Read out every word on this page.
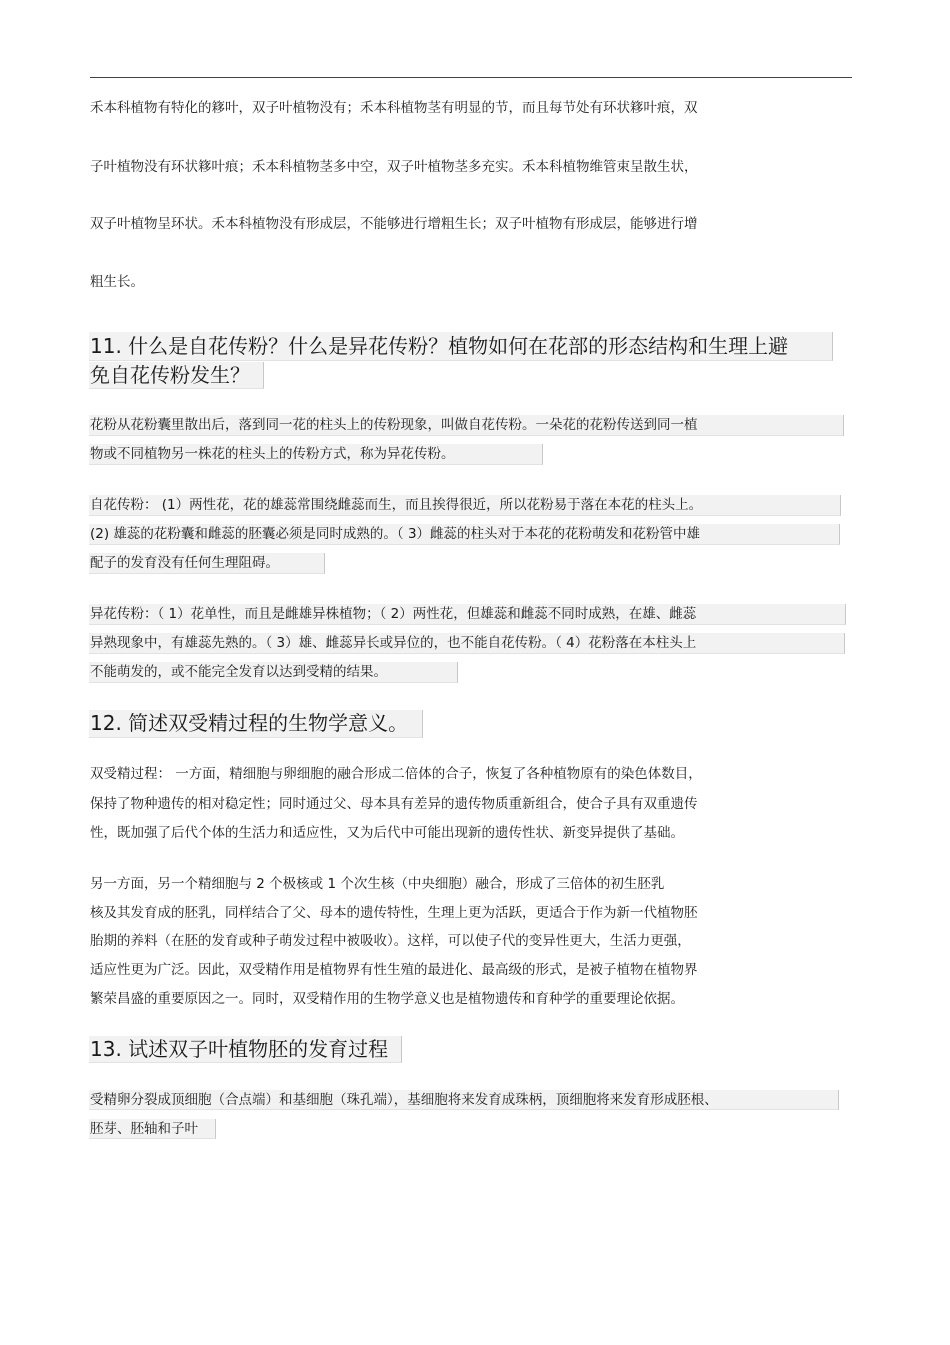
禾本科植物有特化的簃叶，双子叶植物没有；禾本科植物茎有明显的节，而且每节处有环状簃叶痕，双
子叶植物没有环状簃叶痕；禾本科植物茎多中空，双子叶植物茎多充实。禾本科植物维管束呈散生状，
双子叶植物呈环状。禾本科植物没有形成层，不能够进行增粗生长；双子叶植物有形成层，能够进行增
粗生长。
11. 什么是自花传粉？什么是异花传粉？植物如何在花部的形态结构和生理上避
免自花传粉发生？
花粉从花粉囊里散出后，落到同一花的柱头上的传粉现象，叫做自花传粉。一朵花的花粉传送到同一植
物或不同植物另一株花的柱头上的传粉方式，称为异花传粉。
自花传粉： (1）两性花，花的雄蕊常围绕雌蕊而生，而且挨得很近，所以花粉易于落在本花的柱头上。
(2) 雄蕊的花粉囊和雌蕊的胚囊必须是同时成熟的。（ 3）雌蕊的柱头对于本花的花粉萌发和花粉管中雄
配子的发育没有任何生理阻碍。
异花传粉：（ 1）花单性，而且是雌雄异株植物；（ 2）两性花，但雄蕊和雌蕊不同时成熟，在雄、雌蕊
异熟现象中，有雄蕊先熟的。（ 3）雄、雌蕊异长或异位的，也不能自花传粉。（ 4）花粉落在本柱头上
不能萌发的，或不能完全发育以达到受精的结果。
12. 简述双受精过程的生物学意义。
双受精过程： 一方面，精细胞与卵细胞的融合形成二倍体的合子，恢复了各种植物原有的染色体数目，
保持了物种遗传的相对稳定性；同时通过父、母本具有差异的遗传物质重新组合，使合子具有双重遗传
性，既加强了后代个体的生活力和适应性，又为后代中可能出现新的遗传性状、新变异提供了基础。
另一方面，另一个精细胞与 2 个极核或 1 个次生核（中央细胞）融合，形成了三倍体的初生胚乳
核及其发育成的胚乳，同样结合了父、母本的遗传特性，生理上更为活跃，更适合于作为新一代植物胚
胎期的养料（在胚的发育或种子萌发过程中被吸收）。这样，可以使子代的变异性更大，生活力更强，
适应性更为广泛。因此，双受精作用是植物界有性生殖的最进化、最高级的形式，是被子植物在植物界
繁荣昌盛的重要原因之一。同时，双受精作用的生物学意义也是植物遗传和育种学的重要理论依据。
13. 试述双子叶植物胚的发育过程
受精卵分裂成顶细胞（合点端）和基细胞（珠孔端），基细胞将来发育成珠柄，顶细胞将来发育形成胚根、
胚芽、胚轴和子叶
